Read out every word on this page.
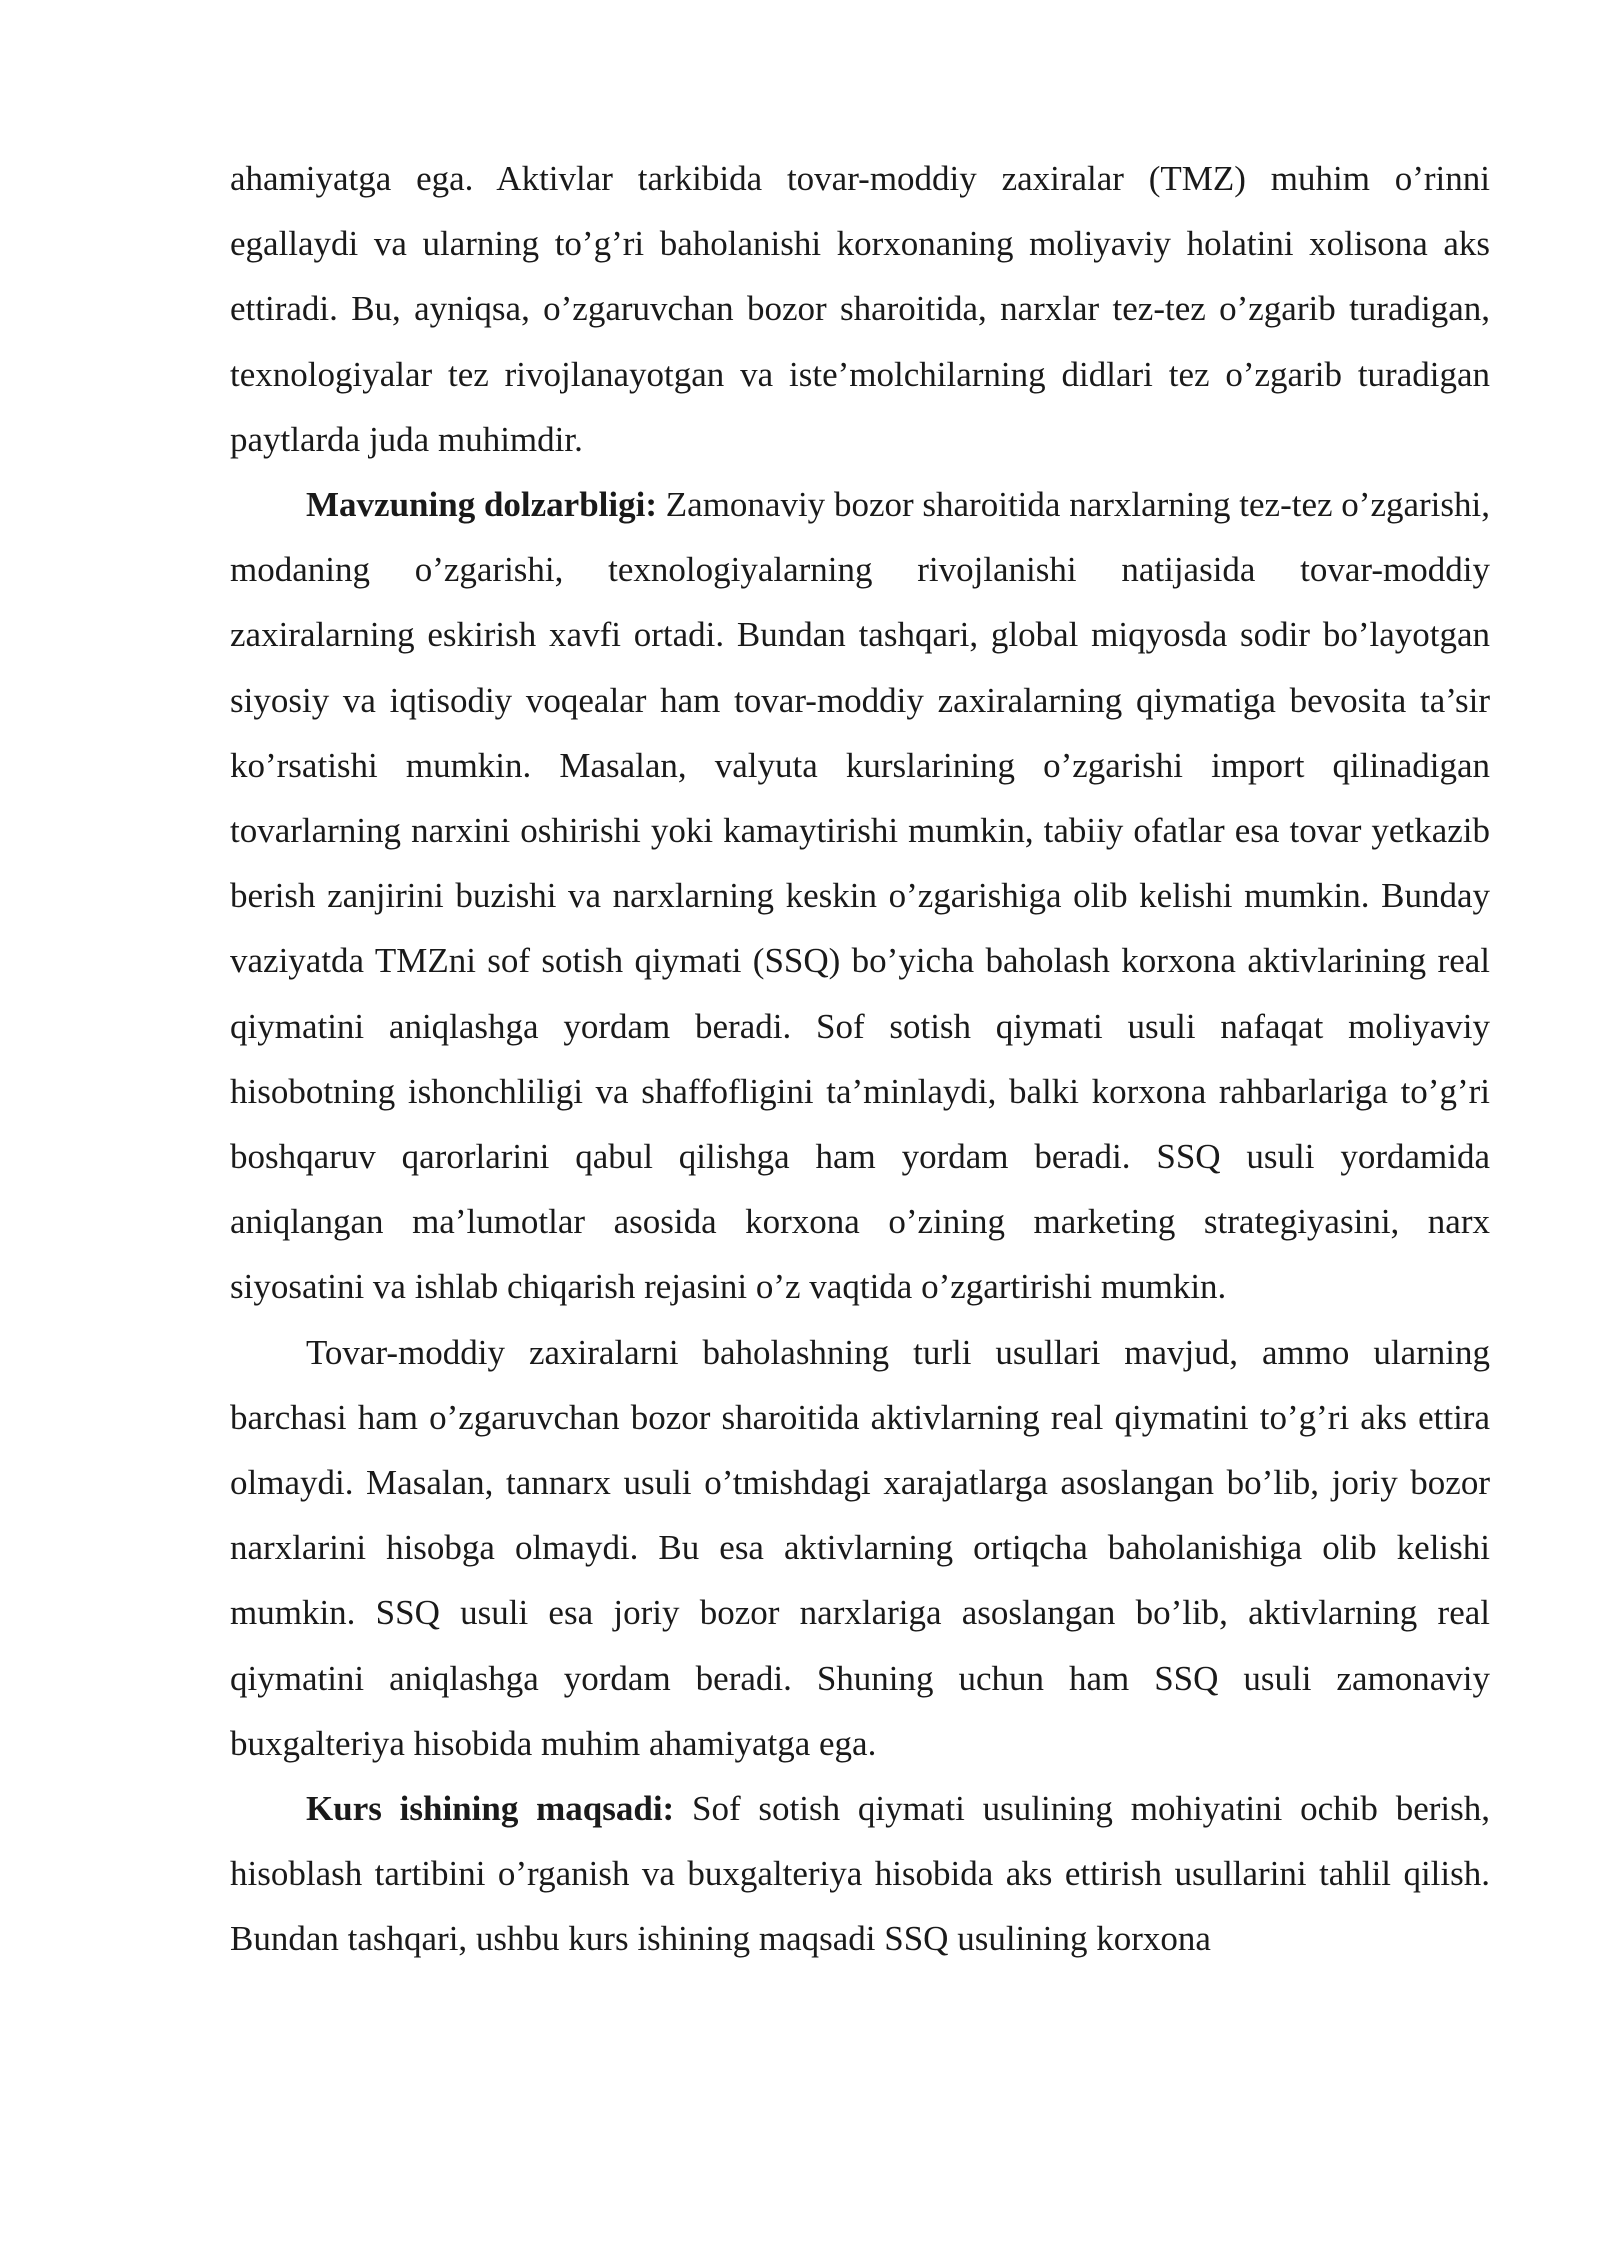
ahamiyatga ega. Aktivlar tarkibida tovar-moddiy zaxiralar (TMZ) muhim o’rinni egallaydi va ularning to’g’ri baholanishi korxonaning moliyaviy holatini xolisona aks ettiradi. Bu, ayniqsa, o’zgaruvchan bozor sharoitida, narxlar tez-tez o’zgarib turadigan, texnologiyalar tez rivojlanayotgan va iste’molchilarning didlari tez o’zgarib turadigan paytlarda juda muhimdir.

Mavzuning dolzarbligi: Zamonaviy bozor sharoitida narxlarning tez-tez o’zgarishi, modaning o’zgarishi, texnologiyalarning rivojlanishi natijasida tovar-moddiy zaxiralarning eskirish xavfi ortadi. Bundan tashqari, global miqyosda sodir bo’layotgan siyosiy va iqtisodiy voqealar ham tovar-moddiy zaxiralarning qiymatiga bevosita ta’sir ko’rsatishi mumkin. Masalan, valyuta kurslarining o’zgarishi import qilinadigan tovarlarning narxini oshirishi yoki kamaytirishi mumkin, tabiiy ofatlar esa tovar yetkazib berish zanjirini buzishi va narxlarning keskin o’zgarishiga olib kelishi mumkin. Bunday vaziyatda TMZni sof sotish qiymati (SSQ) bo’yicha baholash korxona aktivlarining real qiymatini aniqlashga yordam beradi. Sof sotish qiymati usuli nafaqat moliyaviy hisobotning ishonchliligi va shaffofligini ta’minlaydi, balki korxona rahbarlariga to’g’ri boshqaruv qarorlarini qabul qilishga ham yordam beradi. SSQ usuli yordamida aniqlangan ma’lumotlar asosida korxona o’zining marketing strategiyasini, narx siyosatini va ishlab chiqarish rejasini o’z vaqtida o’zgartirishi mumkin.

Tovar-moddiy zaxiralarni baholashning turli usullari mavjud, ammo ularning barchasi ham o’zgaruvchan bozor sharoitida aktivlarning real qiymatini to’g’ri aks ettira olmaydi. Masalan, tannarx usuli o’tmishdagi xarajatlarga asoslangan bo’lib, joriy bozor narxlarini hisobga olmaydi. Bu esa aktivlarning ortiqcha baholanishiga olib kelishi mumkin. SSQ usuli esa joriy bozor narxlariga asoslangan bo’lib, aktivlarning real qiymatini aniqlashga yordam beradi. Shuning uchun ham SSQ usuli zamonaviy buxgalteriya hisobida muhim ahamiyatga ega.

Kurs ishining maqsadi: Sof sotish qiymati usulining mohiyatini ochib berish, hisoblash tartibini o’rganish va buxgalteriya hisobida aks ettirish usullarini tahlil qilish. Bundan tashqari, ushbu kurs ishining maqsadi SSQ usulining korxona
